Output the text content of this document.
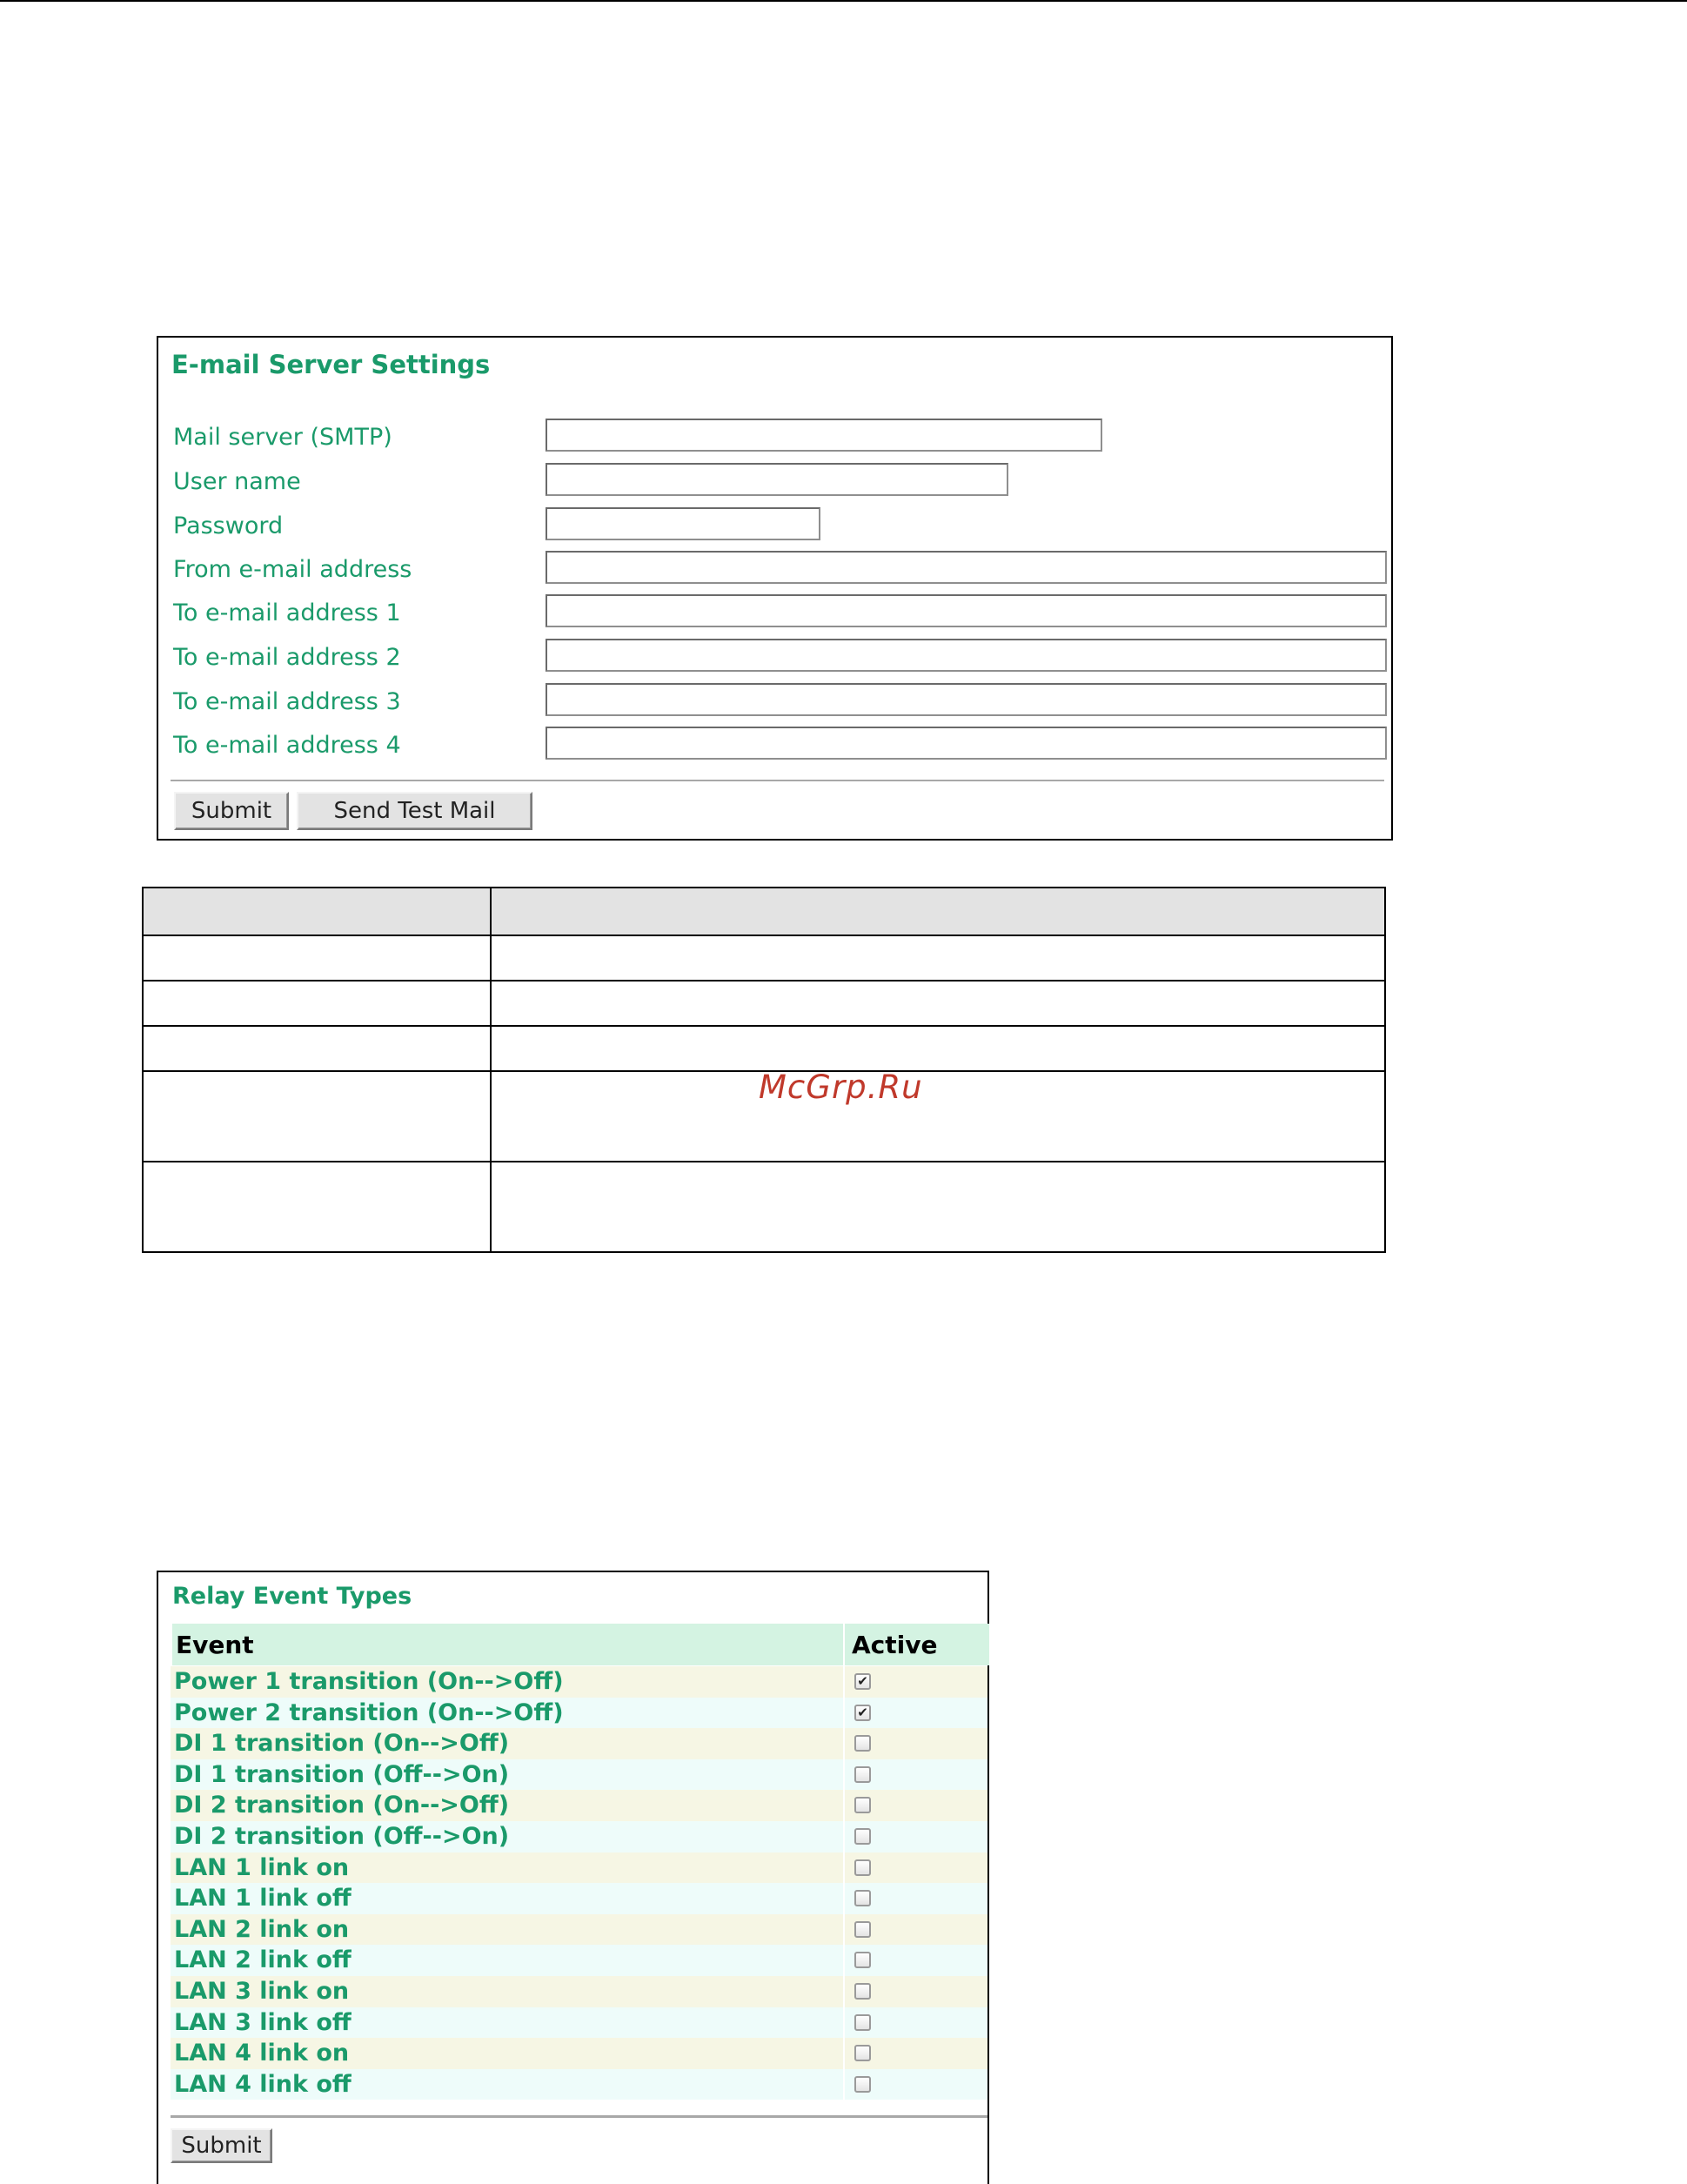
E-mail Server Settings
Mail server (SMTP)
User name
Password
From e-mail address
To e-mail address 1
To e-mail address 2
To e-mail address 3
To e-mail address 4
Submit	Send Test Mail

McGrp.Ru
Relay Event Types
Event	Active
Power 1 transition (On-->Off)	✔
Power 2 transition (On-->Off)	✔
DI 1 transition (On-->Off)
DI 1 transition (Off-->On)
DI 2 transition (On-->Off)
DI 2 transition (Off-->On)
LAN 1 link on
LAN 1 link off
LAN 2 link on
LAN 2 link off
LAN 3 link on
LAN 3 link off
LAN 4 link on
LAN 4 link off
Submit
